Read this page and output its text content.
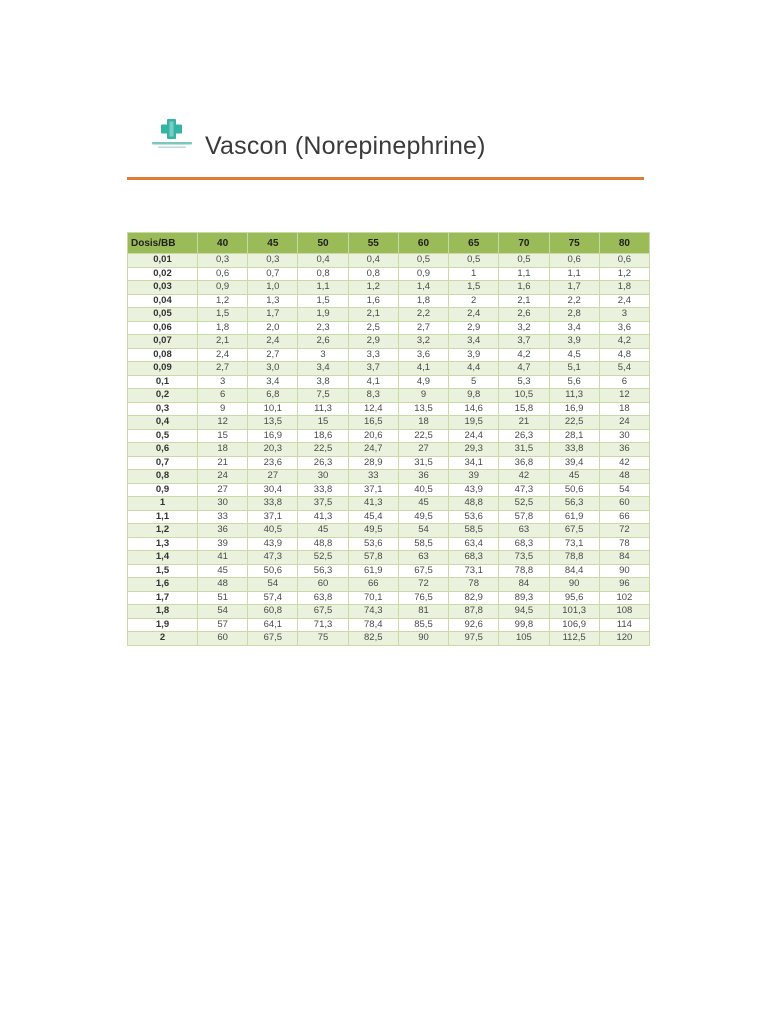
Vascon (Norepinephrine)
Dosis/BB	40	45	50	55	60	65	70	75	80
0,01	0,3	0,3	0,4	0,4	0,5	0,5	0,5	0,6	0,6
0,02	0,6	0,7	0,8	0,8	0,9	1	1,1	1,1	1,2
0,03	0,9	1,0	1,1	1,2	1,4	1,5	1,6	1,7	1,8
0,04	1,2	1,3	1,5	1,6	1,8	2	2,1	2,2	2,4
0,05	1,5	1,7	1,9	2,1	2,2	2,4	2,6	2,8	3
0,06	1,8	2,0	2,3	2,5	2,7	2,9	3,2	3,4	3,6
0,07	2,1	2,4	2,6	2,9	3,2	3,4	3,7	3,9	4,2
0,08	2,4	2,7	3	3,3	3,6	3,9	4,2	4,5	4,8
0,09	2,7	3,0	3,4	3,7	4,1	4,4	4,7	5,1	5,4
0,1	3	3,4	3,8	4,1	4,9	5	5,3	5,6	6
0,2	6	6,8	7,5	8,3	9	9,8	10,5	11,3	12
0,3	9	10,1	11,3	12,4	13,5	14,6	15,8	16,9	18
0,4	12	13,5	15	16,5	18	19,5	21	22,5	24
0,5	15	16,9	18,6	20,6	22,5	24,4	26,3	28,1	30
0,6	18	20,3	22,5	24,7	27	29,3	31,5	33,8	36
0,7	21	23,6	26,3	28,9	31,5	34,1	36,8	39,4	42
0,8	24	27	30	33	36	39	42	45	48
0,9	27	30,4	33,8	37,1	40,5	43,9	47,3	50,6	54
1	30	33,8	37,5	41,3	45	48,8	52,5	56,3	60
1,1	33	37,1	41,3	45,4	49,5	53,6	57,8	61,9	66
1,2	36	40,5	45	49,5	54	58,5	63	67,5	72
1,3	39	43,9	48,8	53,6	58,5	63,4	68,3	73,1	78
1,4	41	47,3	52,5	57,8	63	68,3	73,5	78,8	84
1,5	45	50,6	56,3	61,9	67,5	73,1	78,8	84,4	90
1,6	48	54	60	66	72	78	84	90	96
1,7	51	57,4	63,8	70,1	76,5	82,9	89,3	95,6	102
1,8	54	60,8	67,5	74,3	81	87,8	94,5	101,3	108
1,9	57	64,1	71,3	78,4	85,5	92,6	99,8	106,9	114
2	60	67,5	75	82,5	90	97,5	105	112,5	120
